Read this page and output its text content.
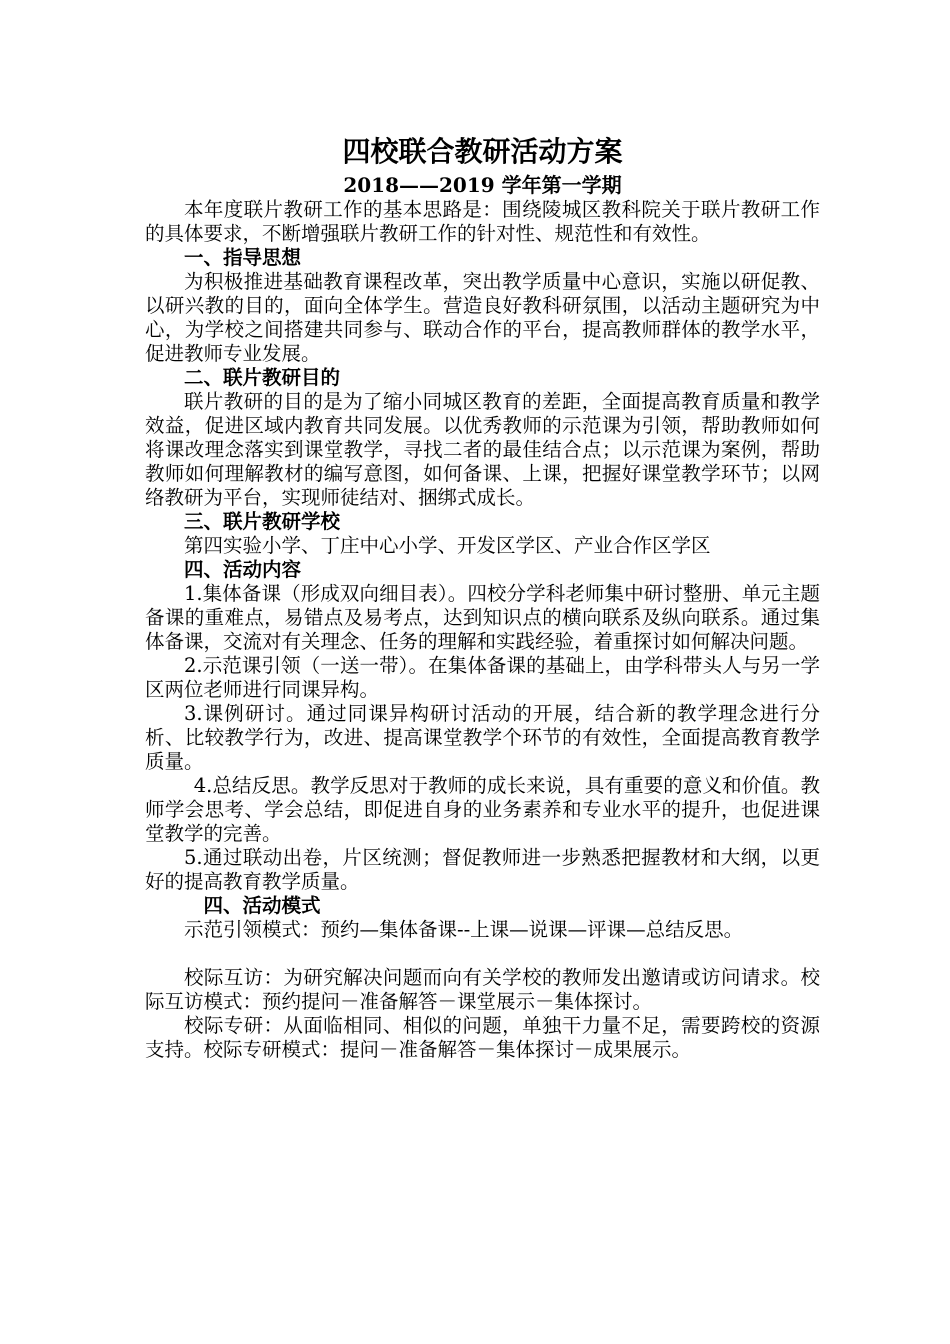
四校联合教研活动方案
2018——2019 学年第一学期
本年度联片教研工作的基本思路是：围绕陵城区教科院关于联片教研工作的具体要求，不断增强联片教研工作的针对性、规范性和有效性。
一、指导思想
为积极推进基础教育课程改革，突出教学质量中心意识，实施以研促教、以研兴教的目的，面向全体学生。营造良好教科研氛围，以活动主题研究为中心，为学校之间搭建共同参与、联动合作的平台，提高教师群体的教学水平，促进教师专业发展。
二、联片教研目的
联片教研的目的是为了缩小同城区教育的差距，全面提高教育质量和教学效益，促进区域内教育共同发展。以优秀教师的示范课为引领，帮助教师如何将课改理念落实到课堂教学，寻找二者的最佳结合点；以示范课为案例，帮助教师如何理解教材的编写意图，如何备课、上课，把握好课堂教学环节；以网络教研为平台，实现师徒结对、捆绑式成长。
三、联片教研学校
第四实验小学、丁庄中心小学、开发区学区、产业合作区学区
四、活动内容
1.集体备课（形成双向细目表）。四校分学科老师集中研讨整册、单元主题备课的重难点，易错点及易考点，达到知识点的横向联系及纵向联系。通过集体备课，交流对有关理念、任务的理解和实践经验，着重探讨如何解决问题。
2.示范课引领（一送一带）。在集体备课的基础上，由学科带头人与另一学区两位老师进行同课异构。
3.课例研讨。通过同课异构研讨活动的开展，结合新的教学理念进行分析、比较教学行为，改进、提高课堂教学个环节的有效性，全面提高教育教学质量。
4.总结反思。教学反思对于教师的成长来说，具有重要的意义和价值。教师学会思考、学会总结，即促进自身的业务素养和专业水平的提升，也促进课堂教学的完善。
5.通过联动出卷，片区统测；督促教师进一步熟悉把握教材和大纲，以更好的提高教育教学质量。
四、活动模式
示范引领模式：预约—集体备课--上课—说课—评课—总结反思。
校际互访：为研究解决问题而向有关学校的教师发出邀请或访问请求。校际互访模式：预约提问－准备解答－课堂展示－集体探讨。
校际专研：从面临相同、相似的问题，单独干力量不足，需要跨校的资源支持。校际专研模式：提问－准备解答－集体探讨－成果展示。
